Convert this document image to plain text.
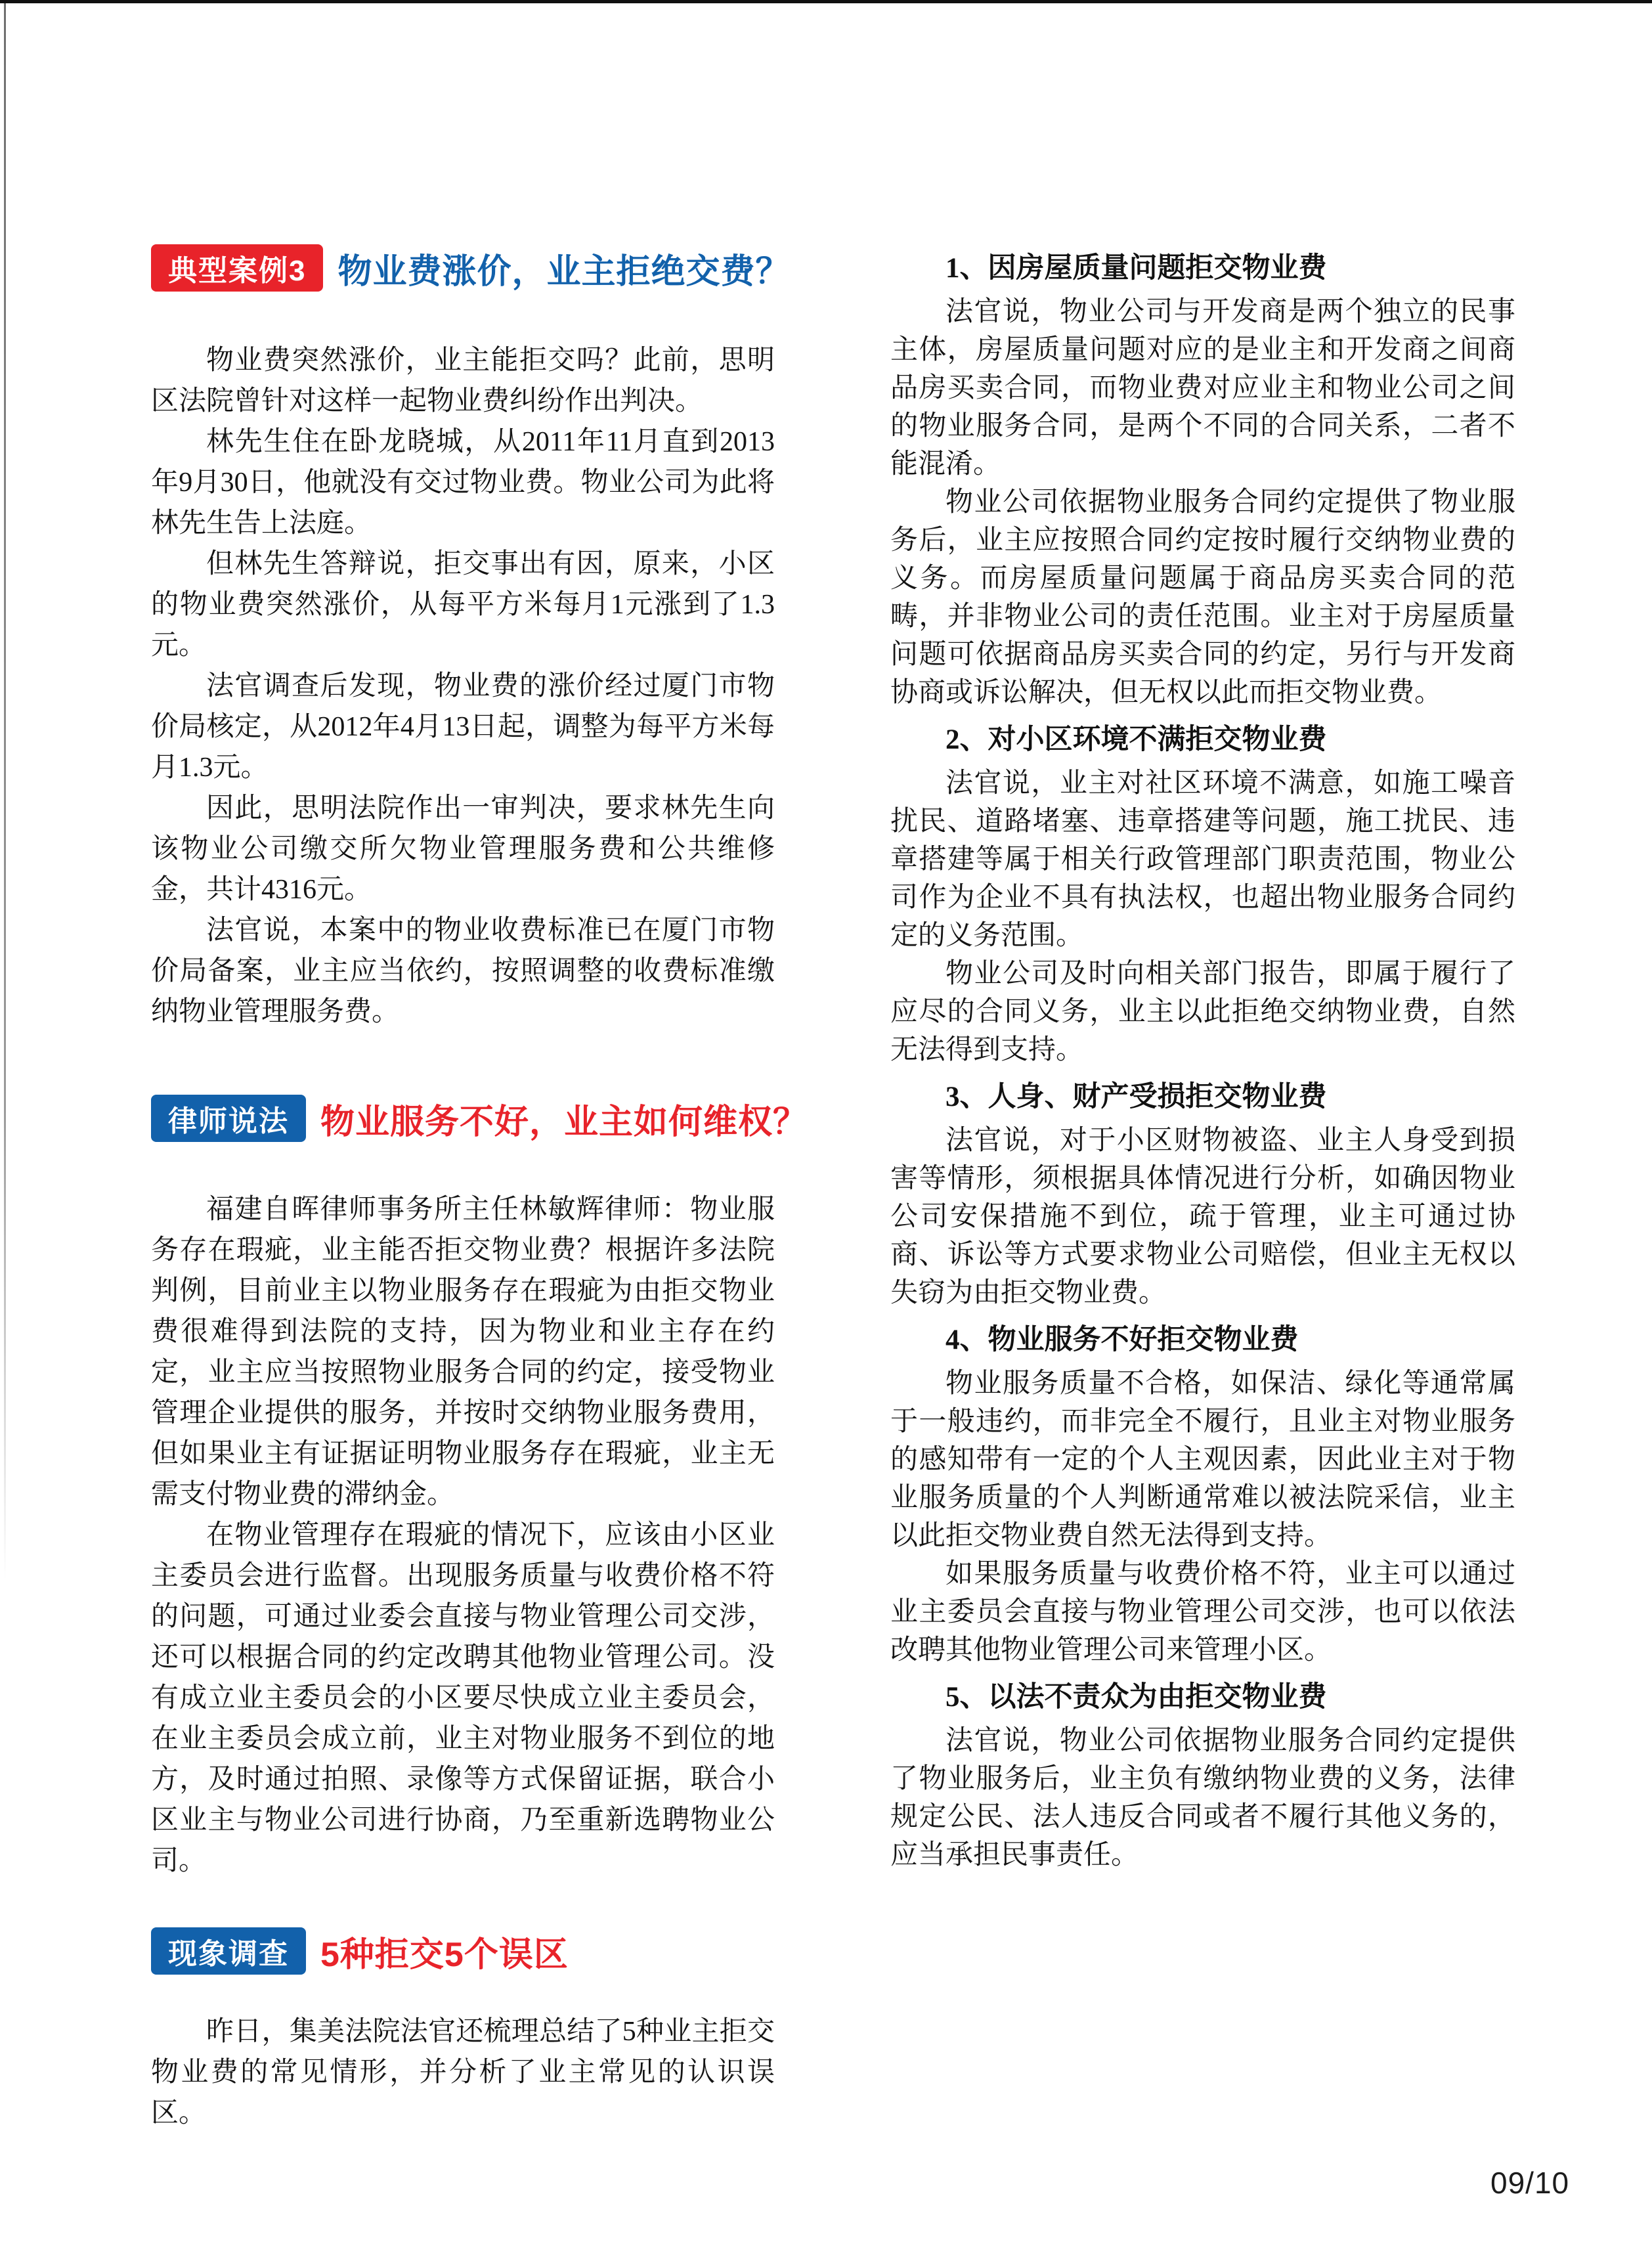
典型案例3 物业费涨价，业主拒绝交费？

物业费突然涨价，业主能拒交吗？此前，思明区法院曾针对这样一起物业费纠纷作出判决。

林先生住在卧龙晓城，从2011年11月直到2013年9月30日，他就没有交过物业费。物业公司为此将林先生告上法庭。

但林先生答辩说，拒交事出有因，原来，小区的物业费突然涨价，从每平方米每月1元涨到了1.3元。

法官调查后发现，物业费的涨价经过厦门市物价局核定，从2012年4月13日起，调整为每平方米每月1.3元。

因此，思明法院作出一审判决，要求林先生向该物业公司缴交所欠物业管理服务费和公共维修金，共计4316元。

法官说，本案中的物业收费标准已在厦门市物价局备案，业主应当依约，按照调整的收费标准缴纳物业管理服务费。

律师说法 物业服务不好，业主如何维权？

福建自晖律师事务所主任林敏辉律师：物业服务存在瑕疵，业主能否拒交物业费？根据许多法院判例，目前业主以物业服务存在瑕疵为由拒交物业费很难得到法院的支持，因为物业和业主存在约定，业主应当按照物业服务合同的约定，接受物业管理企业提供的服务，并按时交纳物业服务费用，但如果业主有证据证明物业服务存在瑕疵，业主无需支付物业费的滞纳金。

在物业管理存在瑕疵的情况下，应该由小区业主委员会进行监督。出现服务质量与收费价格不符的问题，可通过业委会直接与物业管理公司交涉，还可以根据合同的约定改聘其他物业管理公司。没有成立业主委员会的小区要尽快成立业主委员会，在业主委员会成立前，业主对物业服务不到位的地方，及时通过拍照、录像等方式保留证据，联合小区业主与物业公司进行协商，乃至重新选聘物业公司。

现象调查 5种拒交5个误区

昨日，集美法院法官还梳理总结了5种业主拒交物业费的常见情形，并分析了业主常见的认识误区。

1、因房屋质量问题拒交物业费

法官说，物业公司与开发商是两个独立的民事主体，房屋质量问题对应的是业主和开发商之间商品房买卖合同，而物业费对应业主和物业公司之间的物业服务合同，是两个不同的合同关系，二者不能混淆。

物业公司依据物业服务合同约定提供了物业服务后，业主应按照合同约定按时履行交纳物业费的义务。而房屋质量问题属于商品房买卖合同的范畴，并非物业公司的责任范围。业主对于房屋质量问题可依据商品房买卖合同的约定，另行与开发商协商或诉讼解决，但无权以此而拒交物业费。

2、对小区环境不满拒交物业费

法官说，业主对社区环境不满意，如施工噪音扰民、道路堵塞、违章搭建等问题，施工扰民、违章搭建等属于相关行政管理部门职责范围，物业公司作为企业不具有执法权，也超出物业服务合同约定的义务范围。

物业公司及时向相关部门报告，即属于履行了应尽的合同义务，业主以此拒绝交纳物业费，自然无法得到支持。

3、人身、财产受损拒交物业费

法官说，对于小区财物被盗、业主人身受到损害等情形，须根据具体情况进行分析，如确因物业公司安保措施不到位，疏于管理，业主可通过协商、诉讼等方式要求物业公司赔偿，但业主无权以失窃为由拒交物业费。

4、物业服务不好拒交物业费

物业服务质量不合格，如保洁、绿化等通常属于一般违约，而非完全不履行，且业主对物业服务的感知带有一定的个人主观因素，因此业主对于物业服务质量的个人判断通常难以被法院采信，业主以此拒交物业费自然无法得到支持。

如果服务质量与收费价格不符，业主可以通过业主委员会直接与物业管理公司交涉，也可以依法改聘其他物业管理公司来管理小区。

5、以法不责众为由拒交物业费

法官说，物业公司依据物业服务合同约定提供了物业服务后，业主负有缴纳物业费的义务，法律规定公民、法人违反合同或者不履行其他义务的，应当承担民事责任。

09/10
